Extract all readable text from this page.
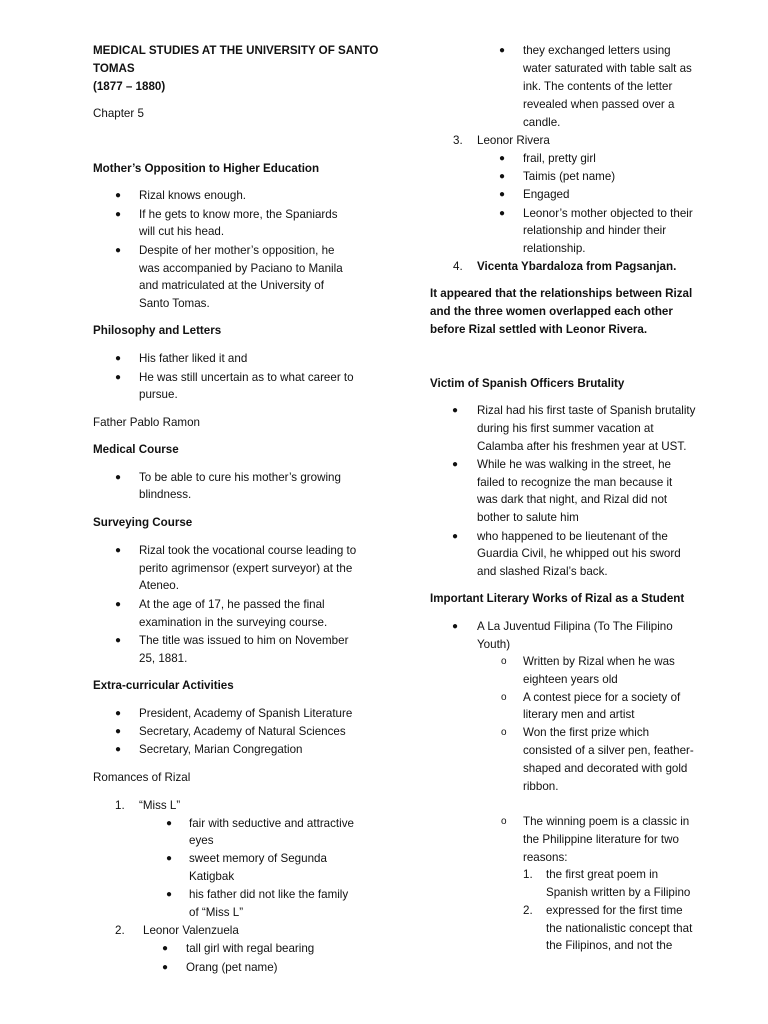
MEDICAL STUDIES AT THE UNIVERSITY OF SANTO
TOMAS
(1877 – 1880)
Chapter 5
Mother’s Opposition to Higher Education
● Rizal knows enough.
● If he gets to know more, the Spaniards
will cut his head.
● Despite of her mother’s opposition, he
was accompanied by Paciano to Manila
and matriculated at the University of
Santo Tomas.
Philosophy and Letters
● His father liked it and
● He was still uncertain as to what career to
pursue.
Father Pablo Ramon
Medical Course
● To be able to cure his mother’s growing
blindness.
Surveying Course
● Rizal took the vocational course leading to
perito agrimensor (expert surveyor) at the
Ateneo.
● At the age of 17, he passed the final
examination in the surveying course.
● The title was issued to him on November
25, 1881.
Extra-curricular Activities
● President, Academy of Spanish Literature
● Secretary, Academy of Natural Sciences
● Secretary, Marian Congregation
Romances of Rizal
1. “Miss L”
● fair with seductive and attractive
eyes
● sweet memory of Segunda
Katigbak
● his father did not like the family
of “Miss L”
2. Leonor Valenzuela
● tall girl with regal bearing
● Orang (pet name)
● they exchanged letters using
water saturated with table salt as
ink. The contents of the letter
revealed when passed over a
candle.
3. Leonor Rivera
● frail, pretty girl
● Taimis (pet name)
● Engaged
● Leonor’s mother objected to their
relationship and hinder their
relationship.
4. Vicenta Ybardaloza from Pagsanjan.
It appeared that the relationships between Rizal
and the three women overlapped each other
before Rizal settled with Leonor Rivera.
Victim of Spanish Officers Brutality
● Rizal had his first taste of Spanish brutality
during his first summer vacation at
Calamba after his freshmen year at UST.
● While he was walking in the street, he
failed to recognize the man because it
was dark that night, and Rizal did not
bother to salute him
● who happened to be lieutenant of the
Guardia Civil, he whipped out his sword
and slashed Rizal’s back.
Important Literary Works of Rizal as a Student
● A La Juventud Filipina (To The Filipino
Youth)
o Written by Rizal when he was
eighteen years old
o A contest piece for a society of
literary men and artist
o Won the first prize which
consisted of a silver pen, feather-
shaped and decorated with gold
ribbon.
o The winning poem is a classic in
the Philippine literature for two
reasons:
1. the first great poem in
Spanish written by a Filipino
2. expressed for the first time
the nationalistic concept that
the Filipinos, and not the
